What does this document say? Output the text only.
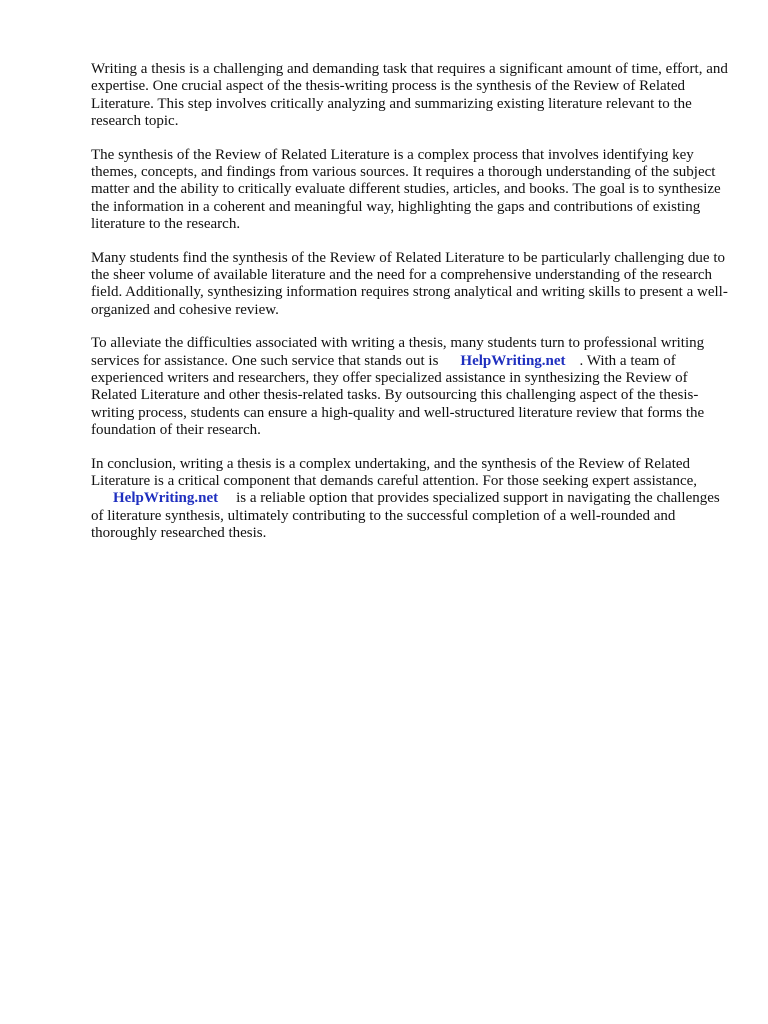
Writing a thesis is a challenging and demanding task that requires a significant amount of time, effort, and expertise. One crucial aspect of the thesis-writing process is the synthesis of the Review of Related Literature. This step involves critically analyzing and summarizing existing literature relevant to the research topic.

The synthesis of the Review of Related Literature is a complex process that involves identifying key themes, concepts, and findings from various sources. It requires a thorough understanding of the subject matter and the ability to critically evaluate different studies, articles, and books. The goal is to synthesize the information in a coherent and meaningful way, highlighting the gaps and contributions of existing literature to the research.

Many students find the synthesis of the Review of Related Literature to be particularly challenging due to the sheer volume of available literature and the need for a comprehensive understanding of the research field. Additionally, synthesizing information requires strong analytical and writing skills to present a well-organized and cohesive review.

To alleviate the difficulties associated with writing a thesis, many students turn to professional writing services for assistance. One such service that stands out is HelpWriting.net . With a team of experienced writers and researchers, they offer specialized assistance in synthesizing the Review of Related Literature and other thesis-related tasks. By outsourcing this challenging aspect of the thesis-writing process, students can ensure a high-quality and well-structured literature review that forms the foundation of their research.

In conclusion, writing a thesis is a complex undertaking, and the synthesis of the Review of Related Literature is a critical component that demands careful attention. For those seeking expert assistance, HelpWriting.net is a reliable option that provides specialized support in navigating the challenges of literature synthesis, ultimately contributing to the successful completion of a well-rounded and thoroughly researched thesis.
